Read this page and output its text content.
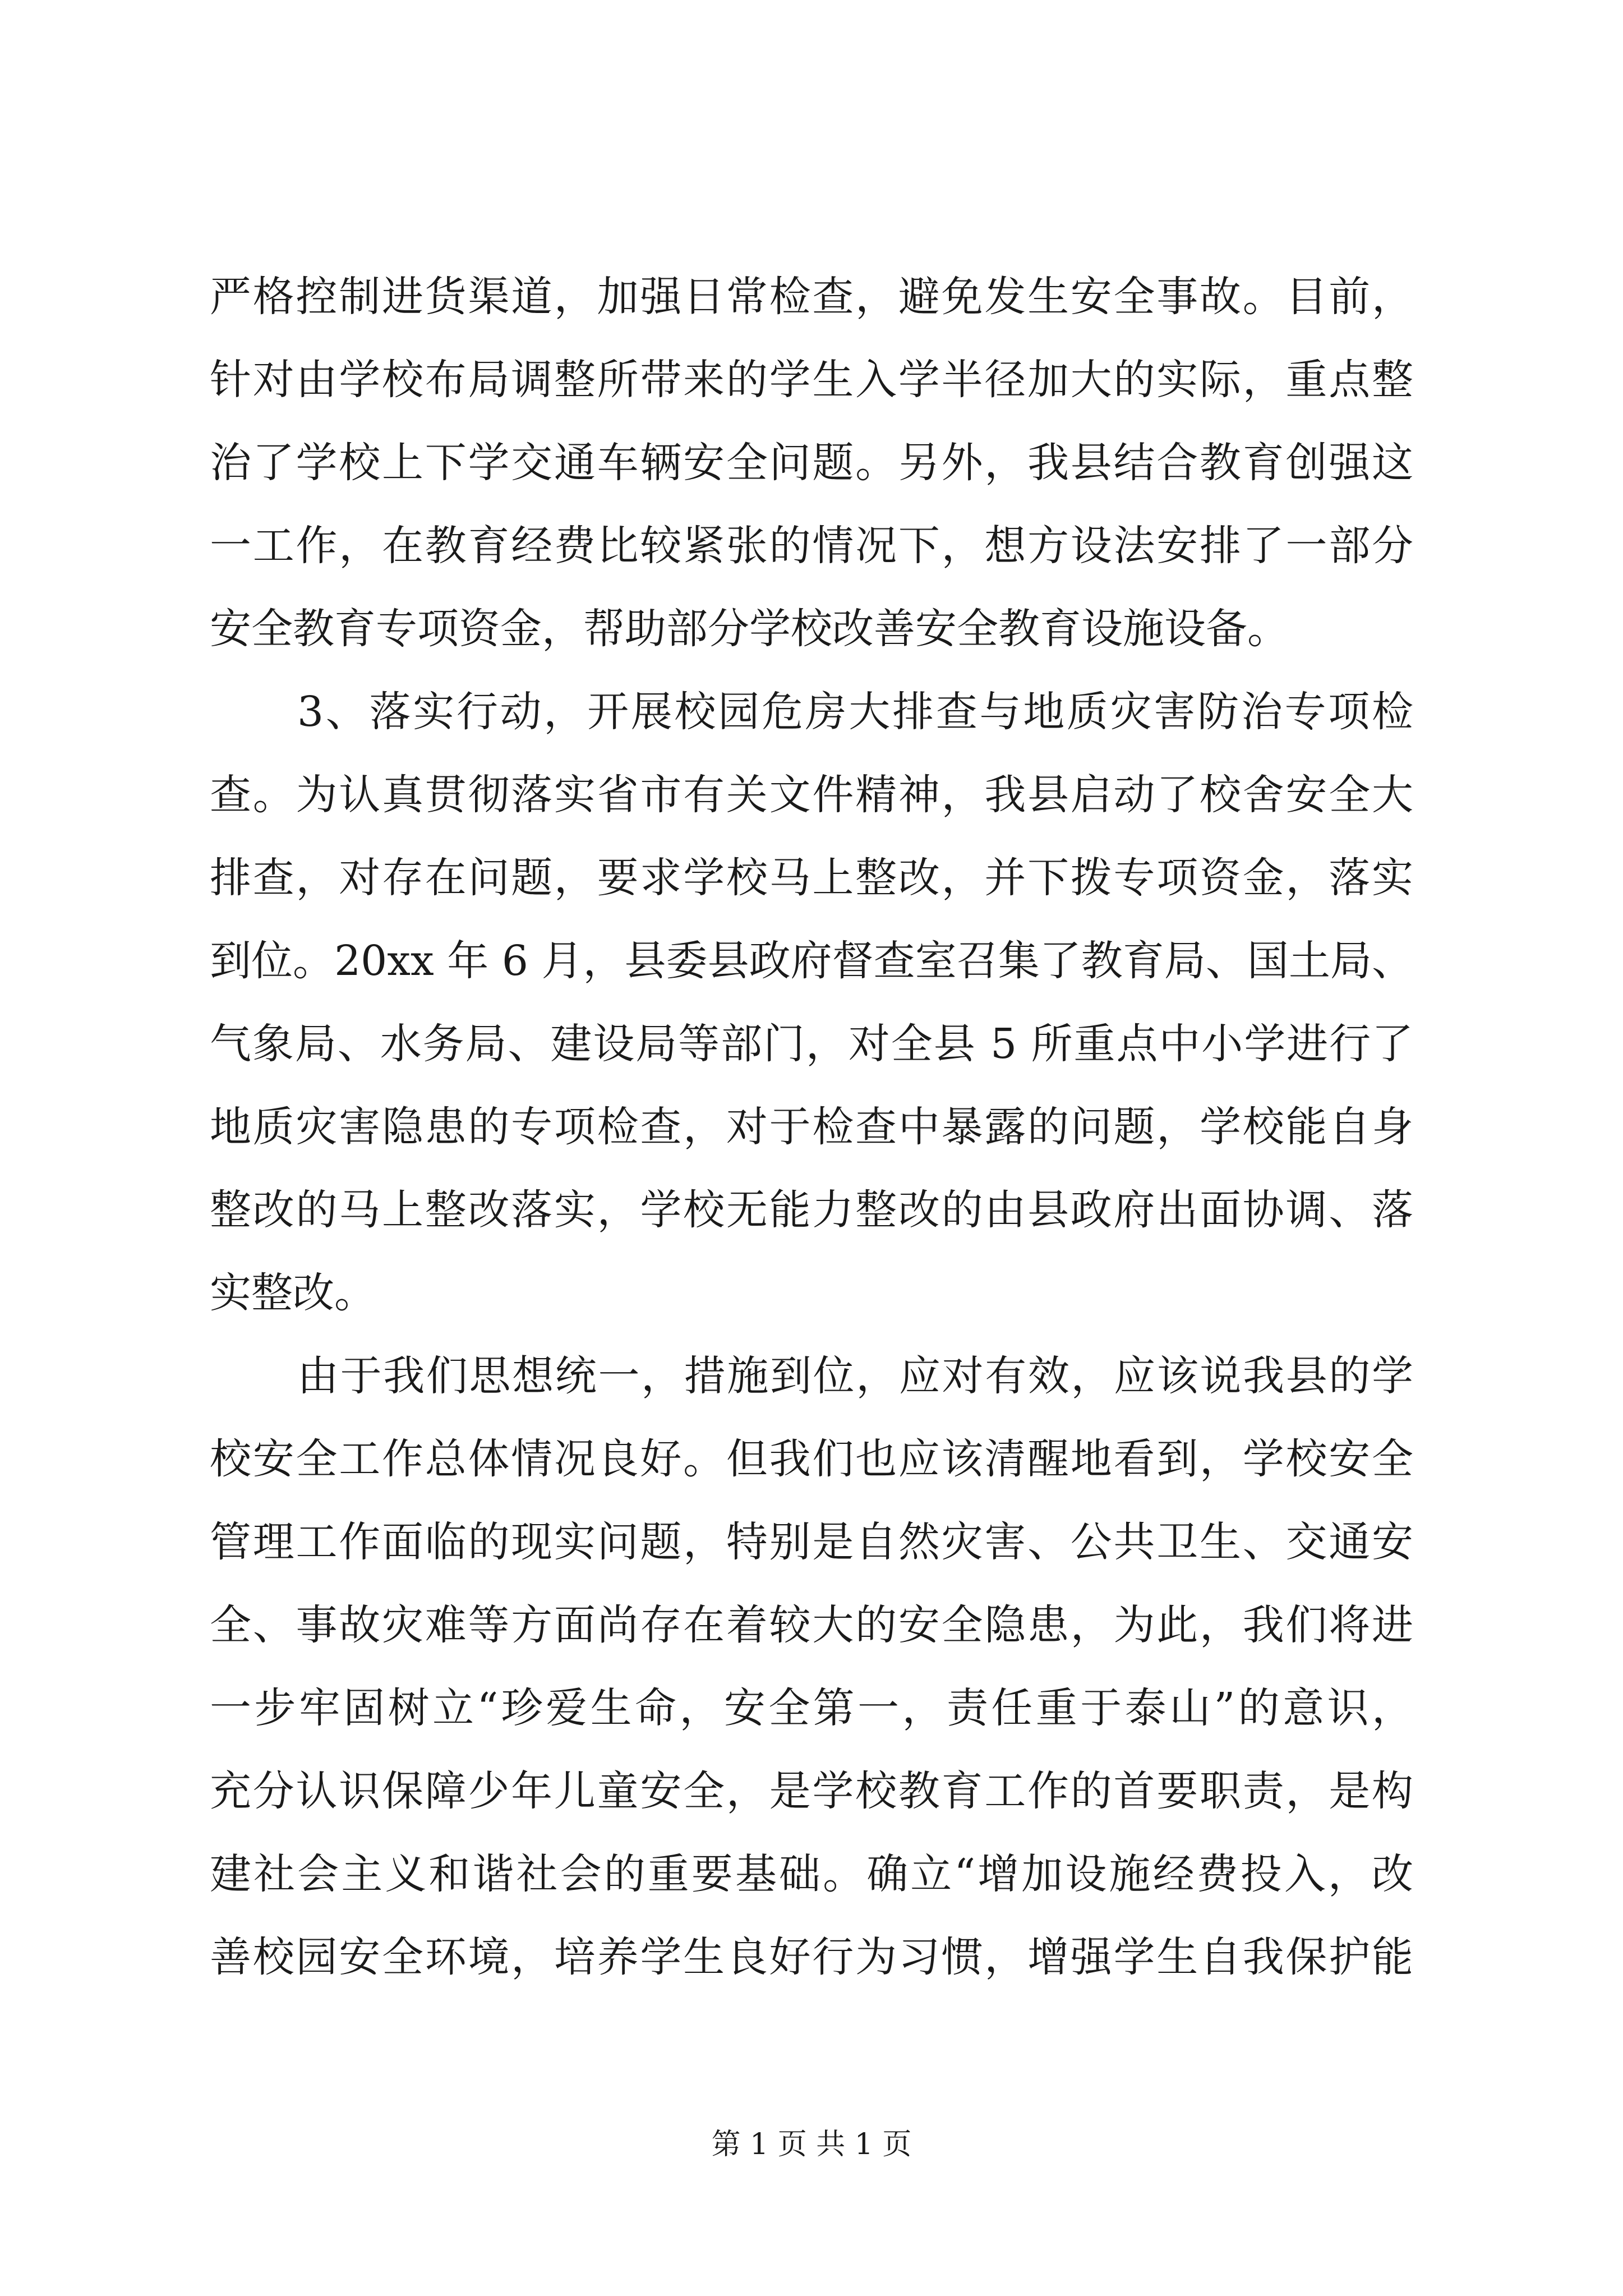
严格控制进货渠道，加强日常检查，避免发生安全事故。目前，
针对由学校布局调整所带来的学生入学半径加大的实际，重点整
治了学校上下学交通车辆安全问题。另外，我县结合教育创强这
一工作，在教育经费比较紧张的情况下，想方设法安排了一部分
安全教育专项资金，帮助部分学校改善安全教育设施设备。
3、落实行动，开展校园危房大排查与地质灾害防治专项检
查。为认真贯彻落实省市有关文件精神，我县启动了校舍安全大
排查，对存在问题，要求学校马上整改，并下拨专项资金，落实
到位。20xx 年 6 月，县委县政府督查室召集了教育局、国土局、
气象局、水务局、建设局等部门，对全县 5 所重点中小学进行了
地质灾害隐患的专项检查，对于检查中暴露的问题，学校能自身
整改的马上整改落实，学校无能力整改的由县政府出面协调、落
实整改。
由于我们思想统一，措施到位，应对有效，应该说我县的学
校安全工作总体情况良好。但我们也应该清醒地看到，学校安全
管理工作面临的现实问题，特别是自然灾害、公共卫生、交通安
全、事故灾难等方面尚存在着较大的安全隐患，为此，我们将进
一步牢固树立“珍爱生命，安全第一，责任重于泰山”的意识，
充分认识保障少年儿童安全，是学校教育工作的首要职责，是构
建社会主义和谐社会的重要基础。确立“增加设施经费投入，改
善校园安全环境，培养学生良好行为习惯，增强学生自我保护能
第 1 页 共 1 页
